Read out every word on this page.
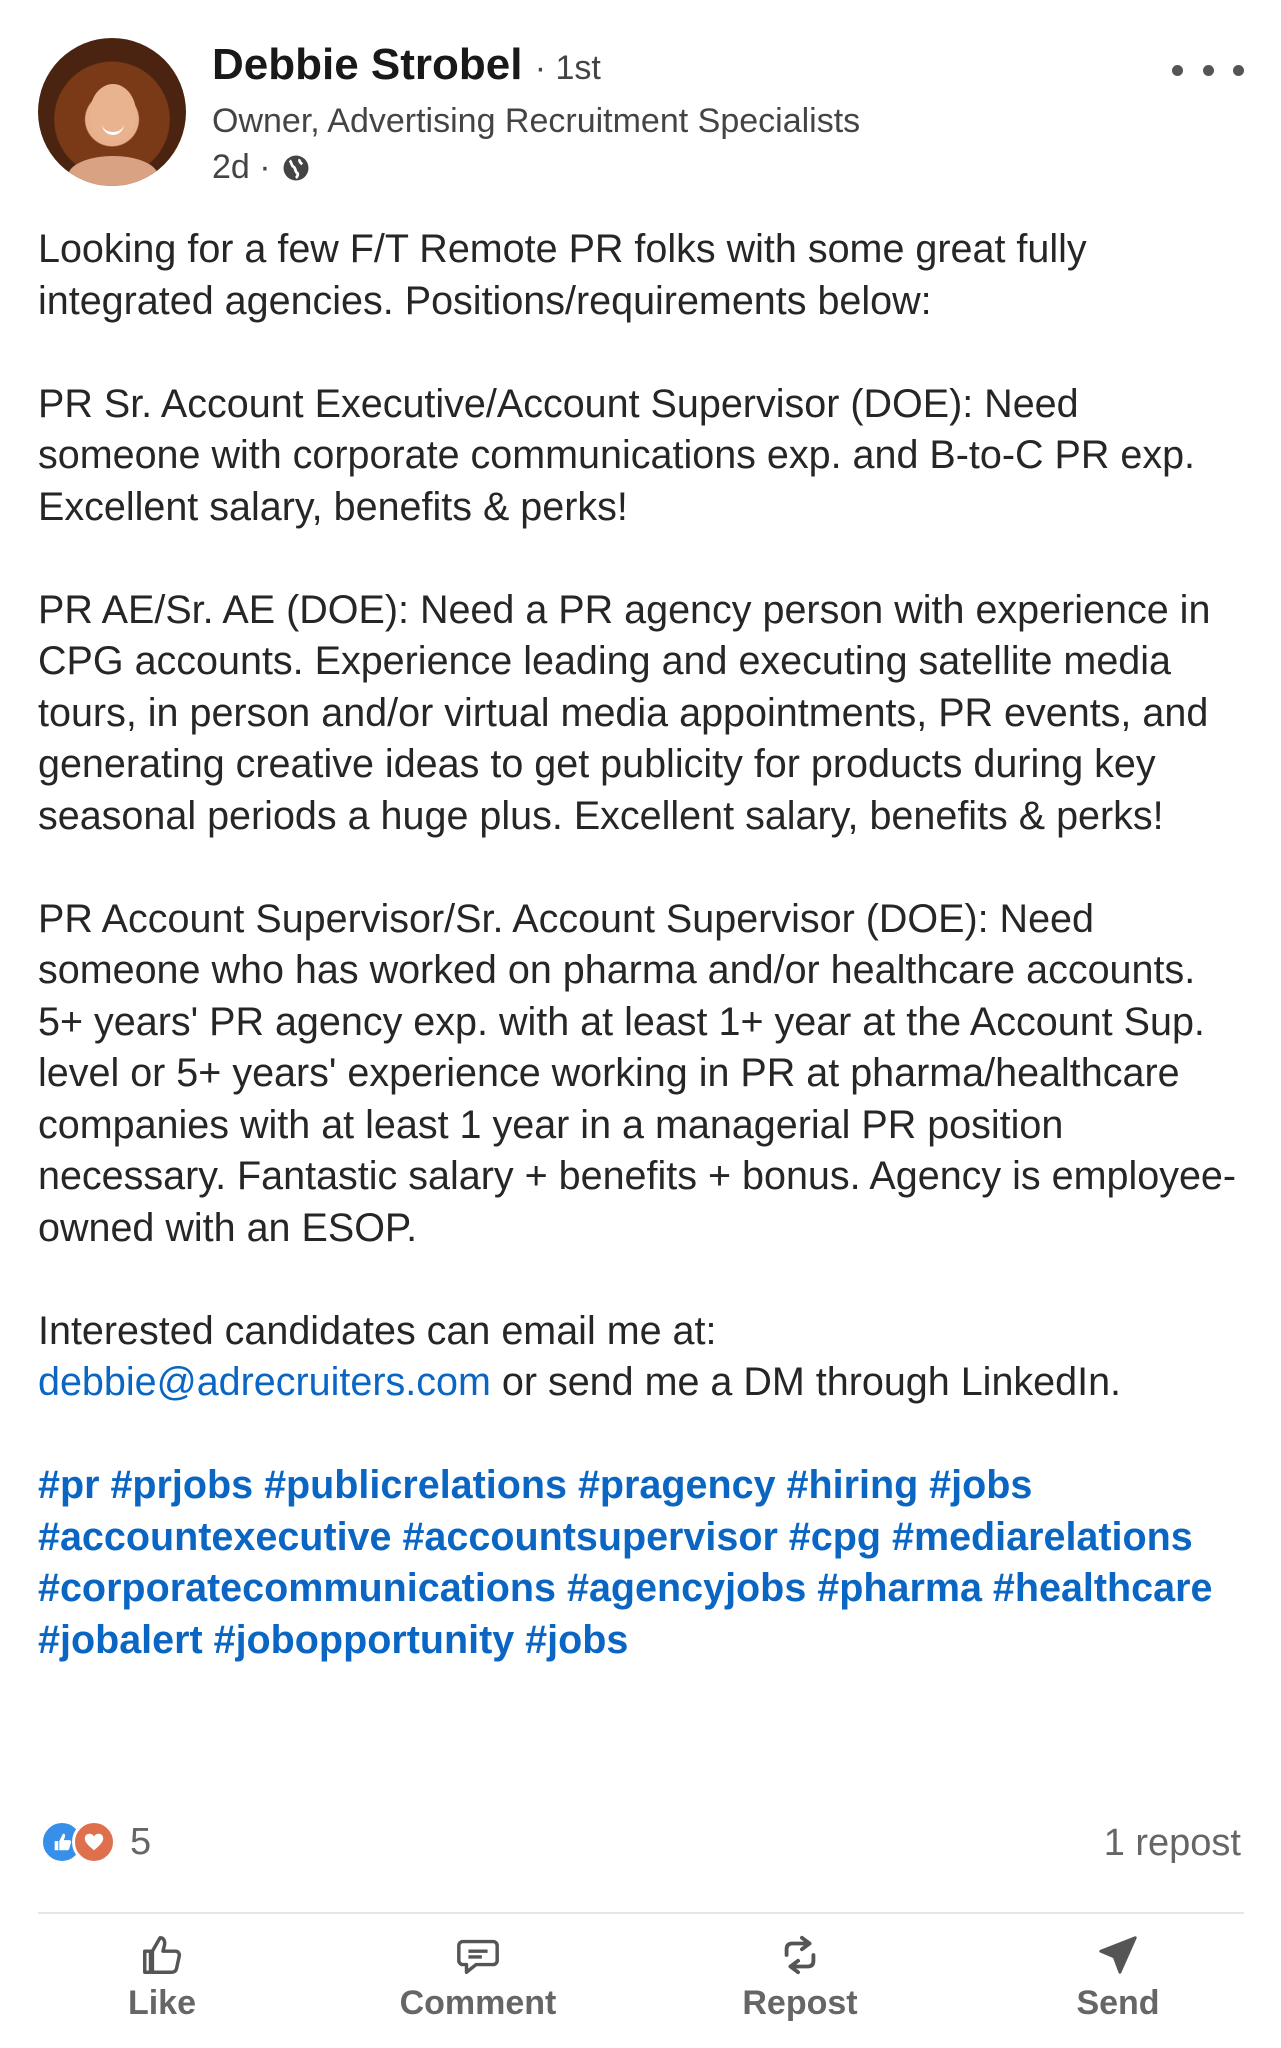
Debbie Strobel · 1st
Owner, Advertising Recruitment Specialists
2d ·

Looking for a few F/T Remote PR folks with some great fully integrated agencies. Positions/requirements below:

PR Sr. Account Executive/Account Supervisor (DOE): Need someone with corporate communications exp. and B-to-C PR exp. Excellent salary, benefits & perks!

PR AE/Sr. AE (DOE): Need a PR agency person with experience in CPG accounts. Experience leading and executing satellite media tours, in person and/or virtual media appointments, PR events, and generating creative ideas to get publicity for products during key seasonal periods a huge plus. Excellent salary, benefits & perks!

PR Account Supervisor/Sr. Account Supervisor (DOE): Need someone who has worked on pharma and/or healthcare accounts. 5+ years' PR agency exp. with at least 1+ year at the Account Sup. level or 5+ years' experience working in PR at pharma/healthcare companies with at least 1 year in a managerial PR position necessary. Fantastic salary + benefits + bonus. Agency is employee-owned with an ESOP.

Interested candidates can email me at:
debbie@adrecruiters.com or send me a DM through LinkedIn.

#pr #prjobs #publicrelations #pragency #hiring #jobs #accountexecutive #accountsupervisor #cpg #mediarelations #corporatecommunications #agencyjobs #pharma #healthcare #jobalert #jobopportunity #jobs

5	1 repost
Like	Comment	Repost	Send
